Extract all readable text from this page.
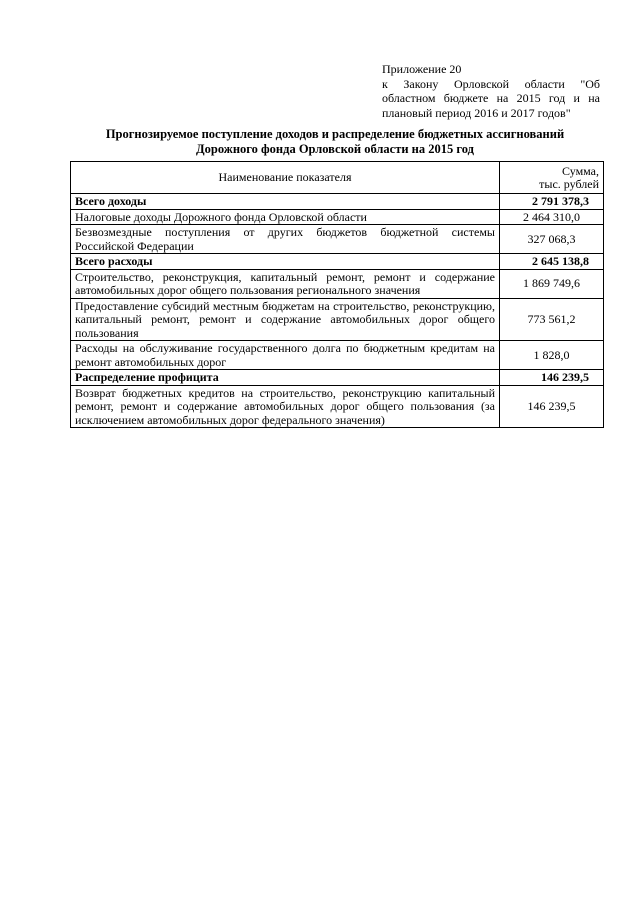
Приложение 20
к Закону Орловской области "Об областном бюджете на 2015 год и на плановый период 2016 и 2017 годов"
Прогнозируемое поступление доходов и распределение бюджетных ассигнований
Дорожного фонда Орловской области на 2015 год
Наименование показателя	Сумма,
тыс. рублей

Всего доходы	2 791 378,3
Налоговые доходы Дорожного фонда Орловской области	2 464 310,0
Безвозмездные поступления от других бюджетов бюджетной системы Российской Федерации	327 068,3
Всего расходы	2 645 138,8
Строительство, реконструкция, капитальный ремонт, ремонт и содержание автомобильных дорог общего пользования регионального значения	1 869 749,6
Предоставление субсидий местным бюджетам на строительство, реконструкцию, капитальный ремонт, ремонт и содержание автомобильных дорог общего пользования	773 561,2
Расходы на обслуживание государственного долга по бюджетным кредитам на ремонт автомобильных дорог	1 828,0
Распределение профицита	146 239,5
Возврат бюджетных кредитов на строительство, реконструкцию капитальный ремонт, ремонт и содержание автомобильных дорог общего пользования (за исключением автомобильных дорог федерального значения)	146 239,5
